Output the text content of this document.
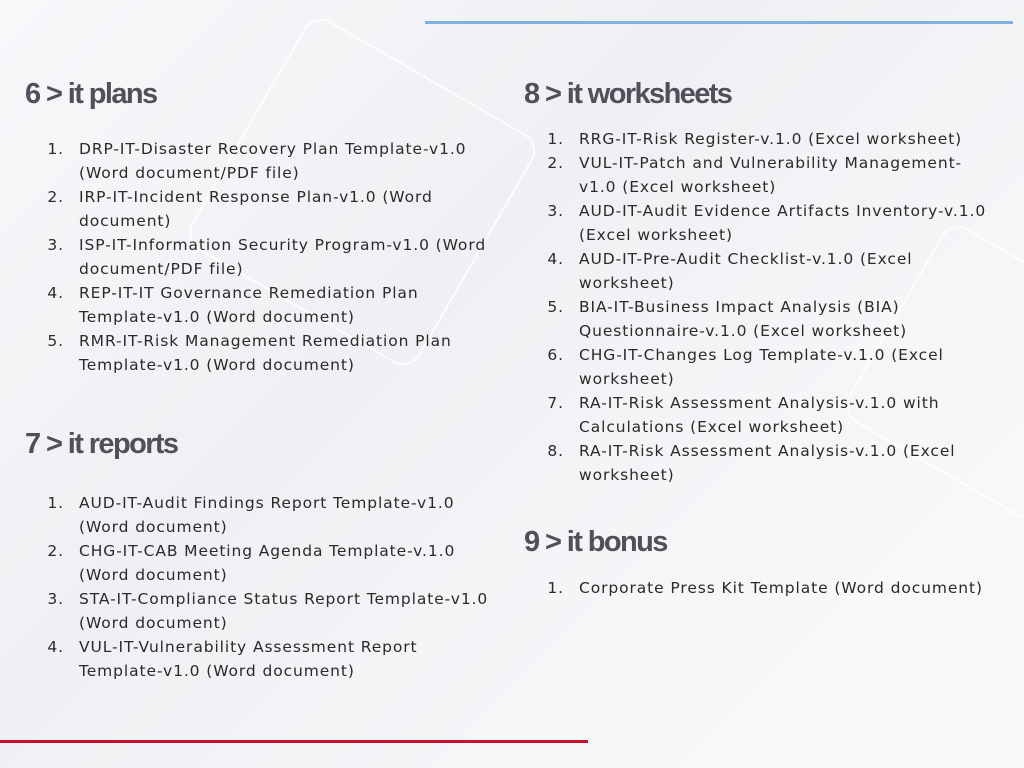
6 > it plans
1. DRP-IT-Disaster Recovery Plan Template-v1.0 (Word document/PDF file)
2. IRP-IT-Incident Response Plan-v1.0 (Word document)
3. ISP-IT-Information Security Program-v1.0 (Word document/PDF file)
4. REP-IT-IT Governance Remediation Plan Template-v1.0 (Word document)
5. RMR-IT-Risk Management Remediation Plan Template-v1.0 (Word document)
7 > it reports
1. AUD-IT-Audit Findings Report Template-v1.0 (Word document)
2. CHG-IT-CAB Meeting Agenda Template-v.1.0 (Word document)
3. STA-IT-Compliance Status Report Template-v1.0 (Word document)
4. VUL-IT-Vulnerability Assessment Report Template-v1.0 (Word document)
8 > it worksheets
1. RRG-IT-Risk Register-v.1.0 (Excel worksheet)
2. VUL-IT-Patch and Vulnerability Management-v1.0 (Excel worksheet)
3. AUD-IT-Audit Evidence Artifacts Inventory-v.1.0 (Excel worksheet)
4. AUD-IT-Pre-Audit Checklist-v.1.0 (Excel worksheet)
5. BIA-IT-Business Impact Analysis (BIA) Questionnaire-v.1.0 (Excel worksheet)
6. CHG-IT-Changes Log Template-v.1.0 (Excel worksheet)
7. RA-IT-Risk Assessment Analysis-v.1.0 with Calculations (Excel worksheet)
8. RA-IT-Risk Assessment Analysis-v.1.0 (Excel worksheet)
9 > it bonus
1. Corporate Press Kit Template (Word document)
